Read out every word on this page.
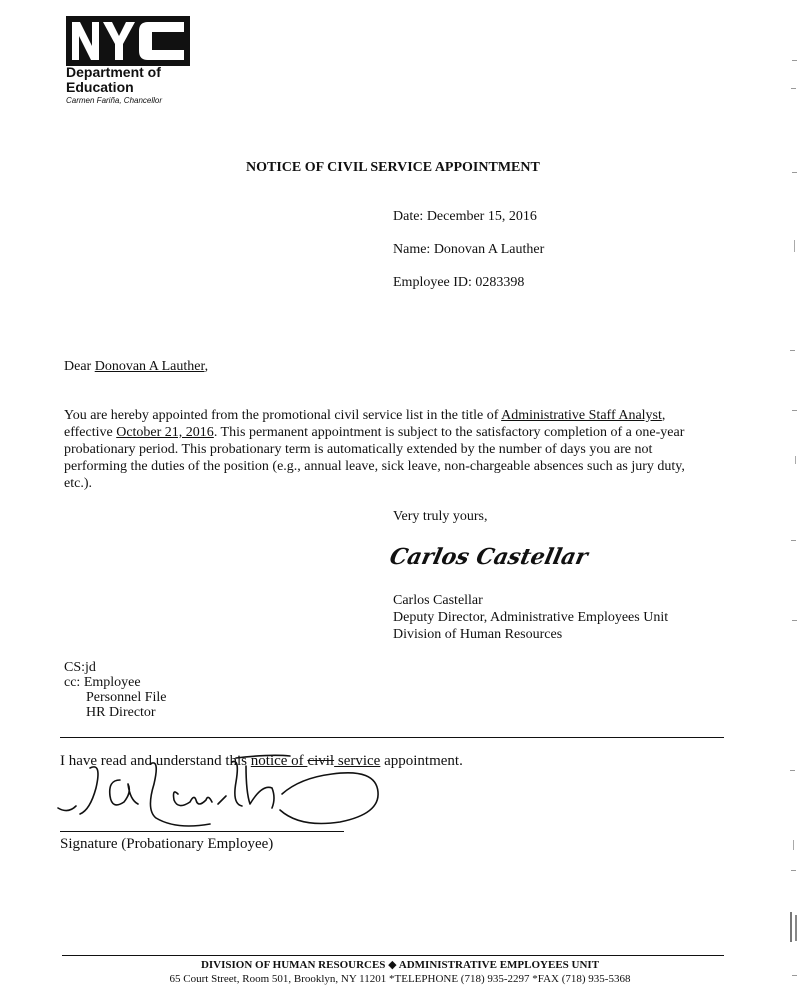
Department of
Education
Carmen Fariña, Chancellor
NOTICE OF CIVIL SERVICE APPOINTMENT
Date: December 15, 2016
Name: Donovan A Lauther
Employee ID: 0283398
Dear Donovan A Lauther,
You are hereby appointed from the promotional civil service list in the title of Administrative Staff Analyst,
effective October 21, 2016. This permanent appointment is subject to the satisfactory completion of a one-year
probationary period. This probationary term is automatically extended by the number of days you are not
performing the duties of the position (e.g., annual leave, sick leave, non-chargeable absences such as jury duty,
etc.).
Very truly yours,
Carlos Castellar
Carlos Castellar
Deputy Director, Administrative Employees Unit
Division of Human Resources
CS:jd
cc: Employee
Personnel File
HR Director
I have read and understand this notice of civil service appointment.
Signature (Probationary Employee)
DIVISION OF HUMAN RESOURCES ◆ ADMINISTRATIVE EMPLOYEES UNIT
65 Court Street, Room 501, Brooklyn, NY 11201 *TELEPHONE (718) 935-2297 *FAX (718) 935-5368
